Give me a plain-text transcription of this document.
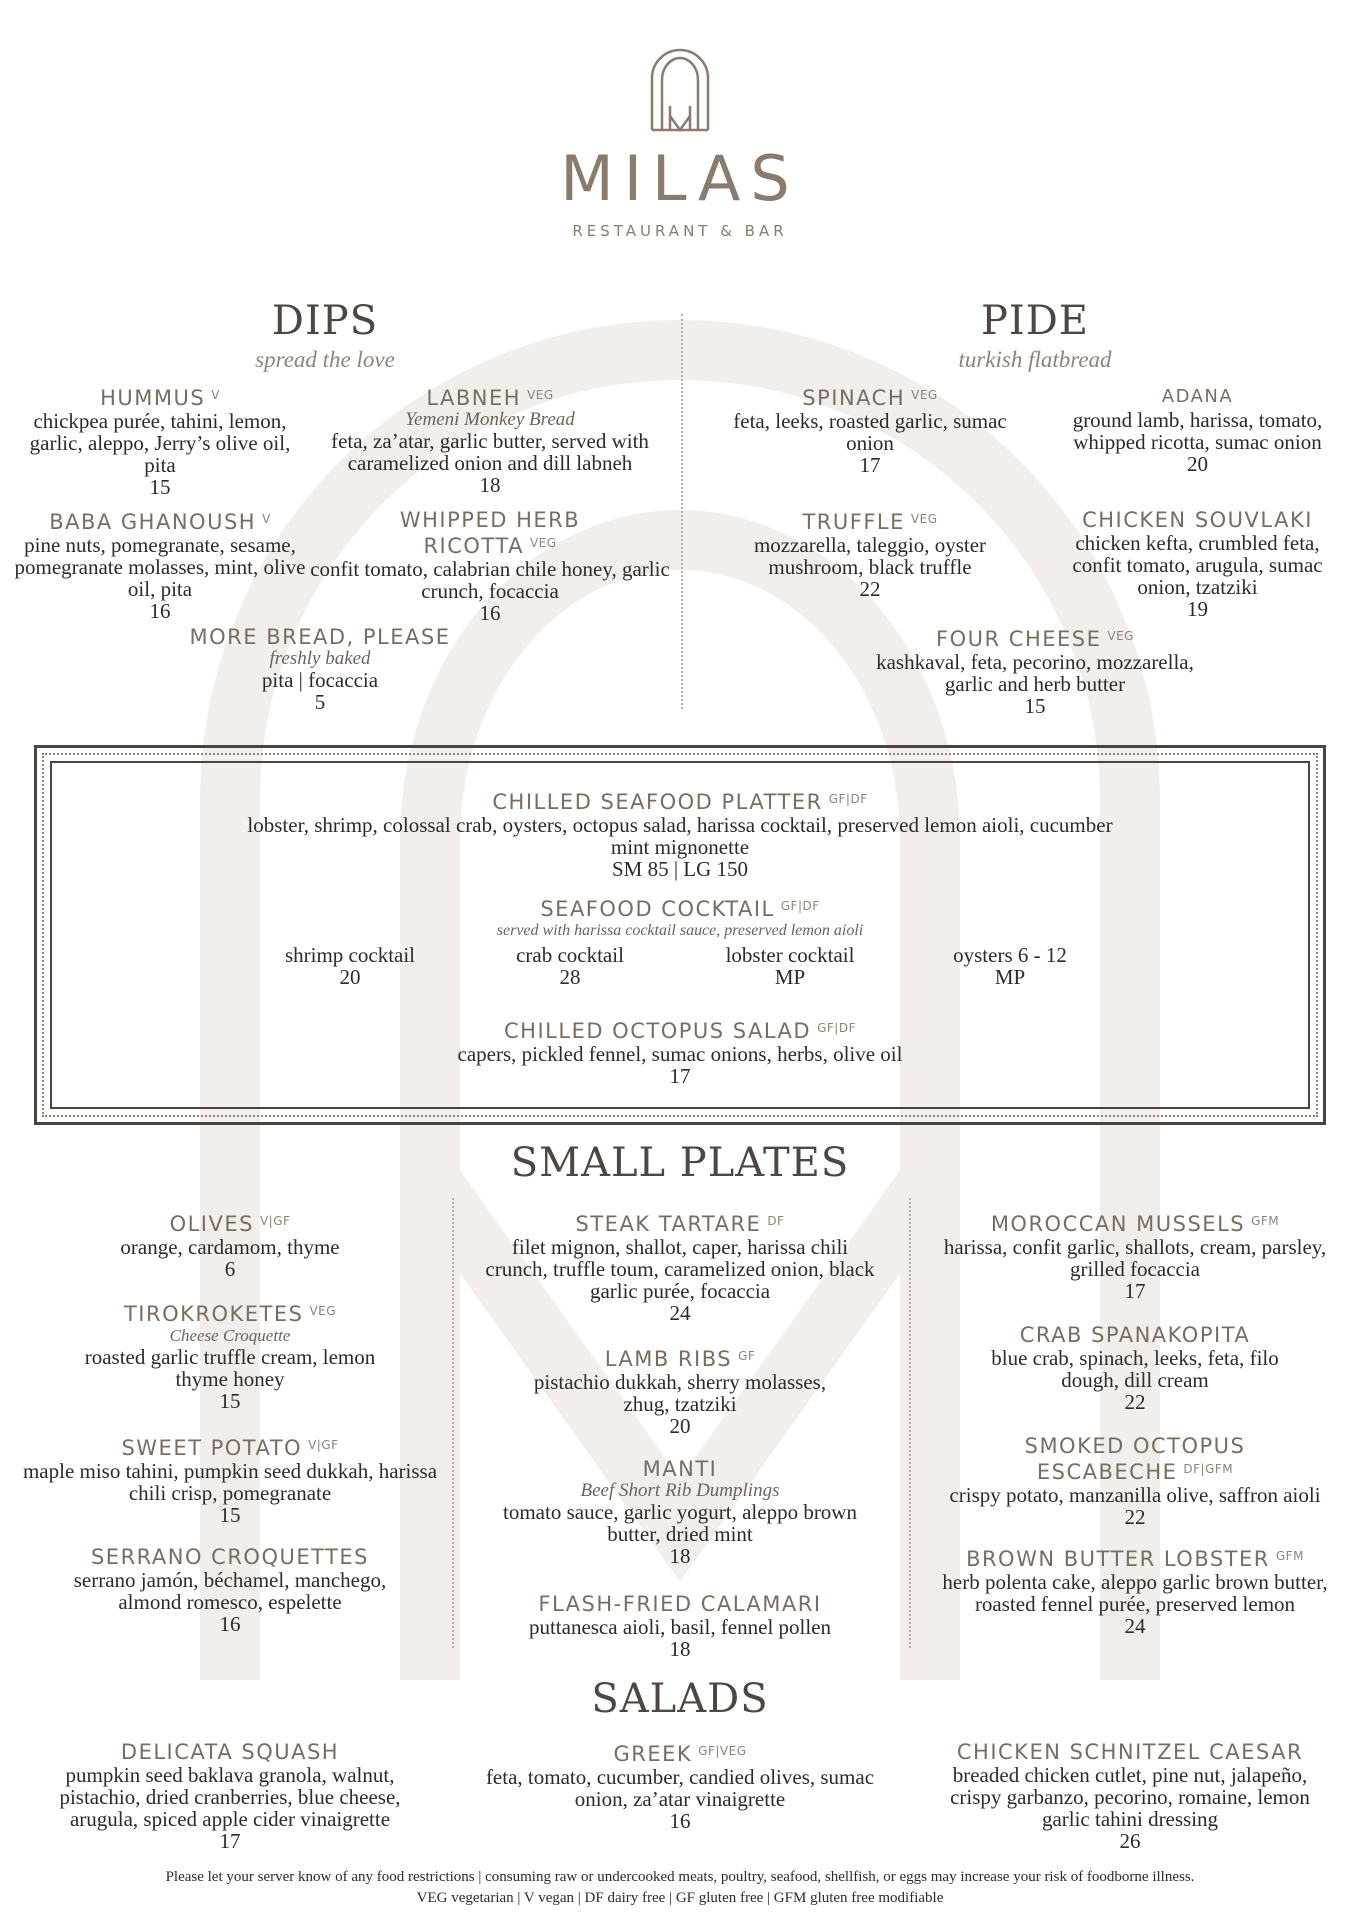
MILAS
RESTAURANT & BAR
DIPS
spread the love
HUMMUS $^V$
chickpea purée, tahini, lemon, garlic, aleppo, Jerry’s olive oil, pita
15
LABNEH $^{VEG}$
Yemeni Monkey Bread
feta, za’atar, garlic butter, served with caramelized onion and dill labneh
18
BABA GHANOUSH $^V$
pine nuts, pomegranate, sesame, pomegranate molasses, mint, olive oil, pita
16
WHIPPED HERB RICOTTA $^{VEG}$
confit tomato, calabrian chile honey, garlic crunch, focaccia
16
MORE BREAD, PLEASE
freshly baked
pita | focaccia
5
PIDE
turkish flatbread
SPINACH $^{VEG}$
feta, leeks, roasted garlic, sumac onion
17
ADANA
ground lamb, harissa, tomato, whipped ricotta, sumac onion
20
TRUFFLE $^{VEG}$
mozzarella, taleggio, oyster mushroom, black truffle
22
CHICKEN SOUVLAKI
chicken kefta, crumbled feta, confit tomato, arugula, sumac onion, tzatziki
19
FOUR CHEESE $^{VEG}$
kashkaval, feta, pecorino, mozzarella, garlic and herb butter
15
CHILLED SEAFOOD PLATTER $^{GF|DF}$
lobster, shrimp, colossal crab, oysters, octopus salad, harissa cocktail, preserved lemon aioli, cucumber mint mignonette
SM 85 | LG 150
SEAFOOD COCKTAIL $^{GF|DF}$
served with harissa cocktail sauce, preserved lemon aioli
shrimp cocktail
20
crab cocktail
28
lobster cocktail
MP
oysters 6 - 12
MP
CHILLED OCTOPUS SALAD $^{GF|DF}$
capers, pickled fennel, sumac onions, herbs, olive oil
17
SMALL PLATES
OLIVES $^{V|GF}$
orange, cardamom, thyme
6
TIROKROKETES $^{VEG}$
Cheese Croquette
roasted garlic truffle cream, lemon thyme honey
15
SWEET POTATO $^{V|GF}$
maple miso tahini, pumpkin seed dukkah, harissa chili crisp, pomegranate
15
SERRANO CROQUETTES
serrano jamón, béchamel, manchego, almond romesco, espelette
16
STEAK TARTARE $^{DF}$
filet mignon, shallot, caper, harissa chili crunch, truffle toum, caramelized onion, black garlic purée, focaccia
24
LAMB RIBS $^{GF}$
pistachio dukkah, sherry molasses, zhug, tzatziki
20
MANTI
Beef Short Rib Dumplings
tomato sauce, garlic yogurt, aleppo brown butter, dried mint
18
FLASH-FRIED CALAMARI
puttanesca aioli, basil, fennel pollen
18
MOROCCAN MUSSELS $^{GFM}$
harissa, confit garlic, shallots, cream, parsley, grilled focaccia
17
CRAB SPANAKOPITA
blue crab, spinach, leeks, feta, filo dough, dill cream
22
SMOKED OCTOPUS ESCABECHE $^{DF|GFM}$
crispy potato, manzanilla olive, saffron aioli
22
BROWN BUTTER LOBSTER $^{GFM}$
herb polenta cake, aleppo garlic brown butter, roasted fennel purée, preserved lemon
24
SALADS
DELICATA SQUASH
pumpkin seed baklava granola, walnut, pistachio, dried cranberries, blue cheese, arugula, spiced apple cider vinaigrette
17
GREEK $^{GF|VEG}$
feta, tomato, cucumber, candied olives, sumac onion, za’atar vinaigrette
16
CHICKEN SCHNITZEL CAESAR
breaded chicken cutlet, pine nut, jalapeño, crispy garbanzo, pecorino, romaine, lemon garlic tahini dressing
26
Please let your server know of any food restrictions | consuming raw or undercooked meats, poultry, seafood, shellfish, or eggs may increase your risk of foodborne illness.
VEG vegetarian | V vegan | DF dairy free | GF gluten free | GFM gluten free modifiable
